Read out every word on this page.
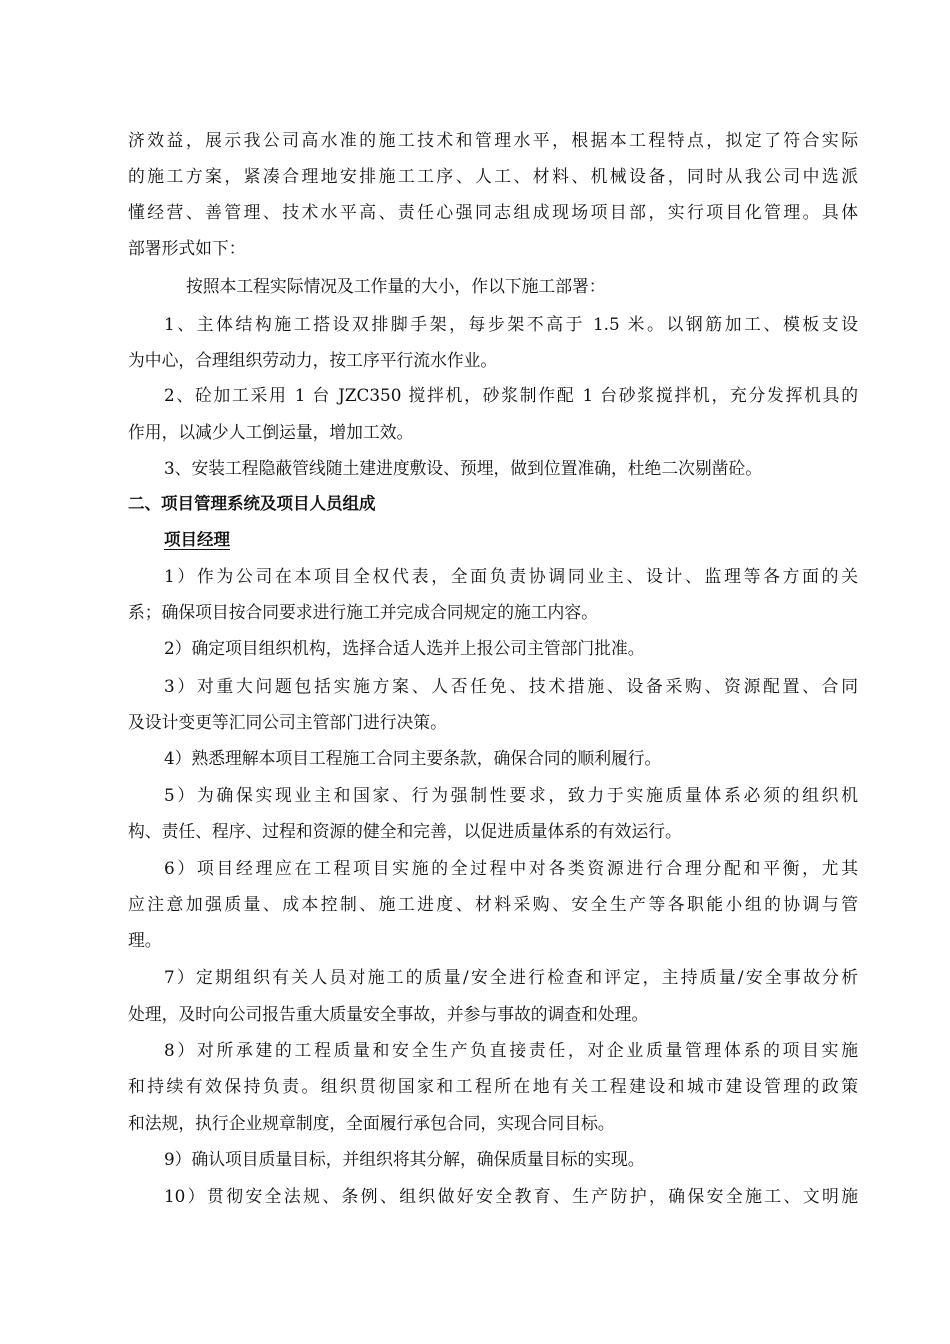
济效益，展示我公司高水准的施工技术和管理水平，根据本工程特点，拟定了符合实际
的施工方案，紧凑合理地安排施工工序、人工、材料、机械设备，同时从我公司中选派
懂经营、善管理、技术水平高、责任心强同志组成现场项目部，实行项目化管理。具体
部署形式如下：
按照本工程实际情况及工作量的大小，作以下施工部署：
1、主体结构施工搭设双排脚手架，每步架不高于 1.5 米。以钢筋加工、模板支设
为中心，合理组织劳动力，按工序平行流水作业。
2、砼加工采用 1 台 JZC350 搅拌机，砂浆制作配 1 台砂浆搅拌机，充分发挥机具的
作用，以减少人工倒运量，增加工效。
3、安装工程隐蔽管线随土建进度敷设、预埋，做到位置准确，杜绝二次剔凿砼。
二、项目管理系统及项目人员组成
项目经理
1）作为公司在本项目全权代表，全面负责协调同业主、设计、监理等各方面的关
系；确保项目按合同要求进行施工并完成合同规定的施工内容。
2）确定项目组织机构，选择合适人选并上报公司主管部门批准。
3）对重大问题包括实施方案、人否任免、技术措施、设备采购、资源配置、合同
及设计变更等汇同公司主管部门进行决策。
4）熟悉理解本项目工程施工合同主要条款，确保合同的顺利履行。
5）为确保实现业主和国家、行为强制性要求，致力于实施质量体系必须的组织机
构、责任、程序、过程和资源的健全和完善，以促进质量体系的有效运行。
6）项目经理应在工程项目实施的全过程中对各类资源进行合理分配和平衡，尤其
应注意加强质量、成本控制、施工进度、材料采购、安全生产等各职能小组的协调与管
理。
7）定期组织有关人员对施工的质量/安全进行检查和评定，主持质量/安全事故分析
处理，及时向公司报告重大质量安全事故，并参与事故的调查和处理。
8）对所承建的工程质量和安全生产负直接责任，对企业质量管理体系的项目实施
和持续有效保持负责。组织贯彻国家和工程所在地有关工程建设和城市建设管理的政策
和法规，执行企业规章制度，全面履行承包合同，实现合同目标。
9）确认项目质量目标，并组织将其分解，确保质量目标的实现。
10）贯彻安全法规、条例、组织做好安全教育、生产防护，确保安全施工、文明施
